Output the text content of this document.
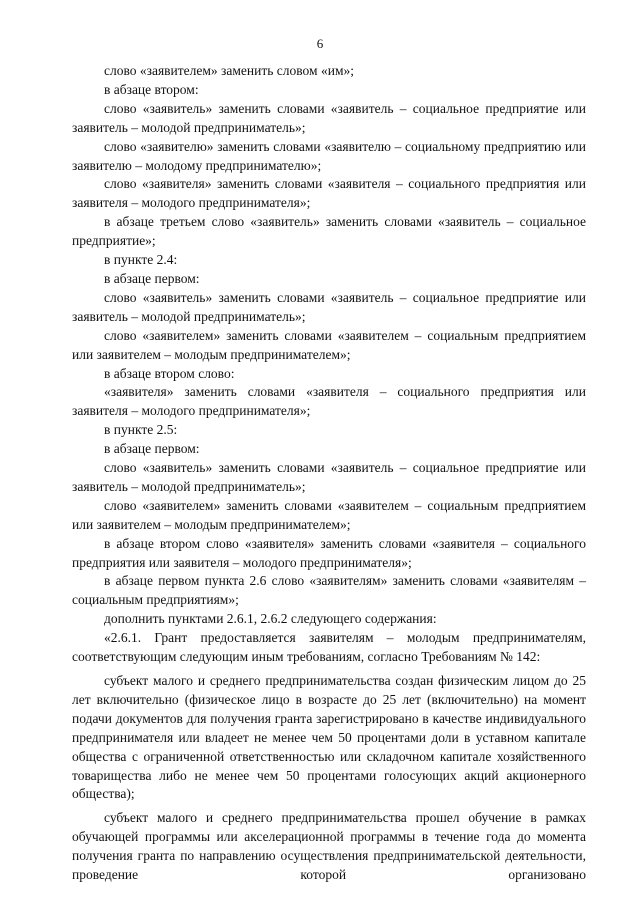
6

слово «заявителем» заменить словом «им»;

в абзаце втором:

слово «заявитель» заменить словами «заявитель – социальное предприятие или заявитель – молодой предприниматель»;

слово «заявителю» заменить словами «заявителю – социальному предприятию или заявителю – молодому предпринимателю»;

слово «заявителя» заменить словами «заявителя – социального предприятия или заявителя – молодого предпринимателя»;

в абзаце третьем слово «заявитель» заменить словами «заявитель – социальное предприятие»;

в пункте 2.4:

в абзаце первом:

слово «заявитель» заменить словами «заявитель – социальное предприятие или заявитель – молодой предприниматель»;

слово «заявителем» заменить словами «заявителем – социальным предприятием или заявителем – молодым предпринимателем»;

в абзаце втором слово:

«заявителя» заменить словами «заявителя – социального предприятия или заявителя – молодого предпринимателя»;

в пункте 2.5:

в абзаце первом:

слово «заявитель» заменить словами «заявитель – социальное предприятие или заявитель – молодой предприниматель»;

слово «заявителем» заменить словами «заявителем – социальным предприятием или заявителем – молодым предпринимателем»;

в абзаце втором слово «заявителя» заменить словами «заявителя – социального предприятия или заявителя – молодого предпринимателя»;

в абзаце первом пункта 2.6 слово «заявителям» заменить словами «заявителям – социальным предприятиям»;

дополнить пунктами 2.6.1, 2.6.2 следующего содержания:

«2.6.1. Грант предоставляется заявителям – молодым предпринимателям, соответствующим следующим иным требованиям, согласно Требованиям № 142:

субъект малого и среднего предпринимательства создан физическим лицом до 25 лет включительно (физическое лицо в возрасте до 25 лет (включительно) на момент подачи документов для получения гранта зарегистрировано в качестве индивидуального предпринимателя или владеет не менее чем 50 процентами доли в уставном капитале общества с ограниченной ответственностью или складочном капитале хозяйственного товарищества либо не менее чем 50 процентами голосующих акций акционерного общества);

субъект малого и среднего предпринимательства прошел обучение в рамках обучающей программы или акселерационной программы в течение года до момента получения гранта по направлению осуществления предпринимательской деятельности, проведение которой организовано
